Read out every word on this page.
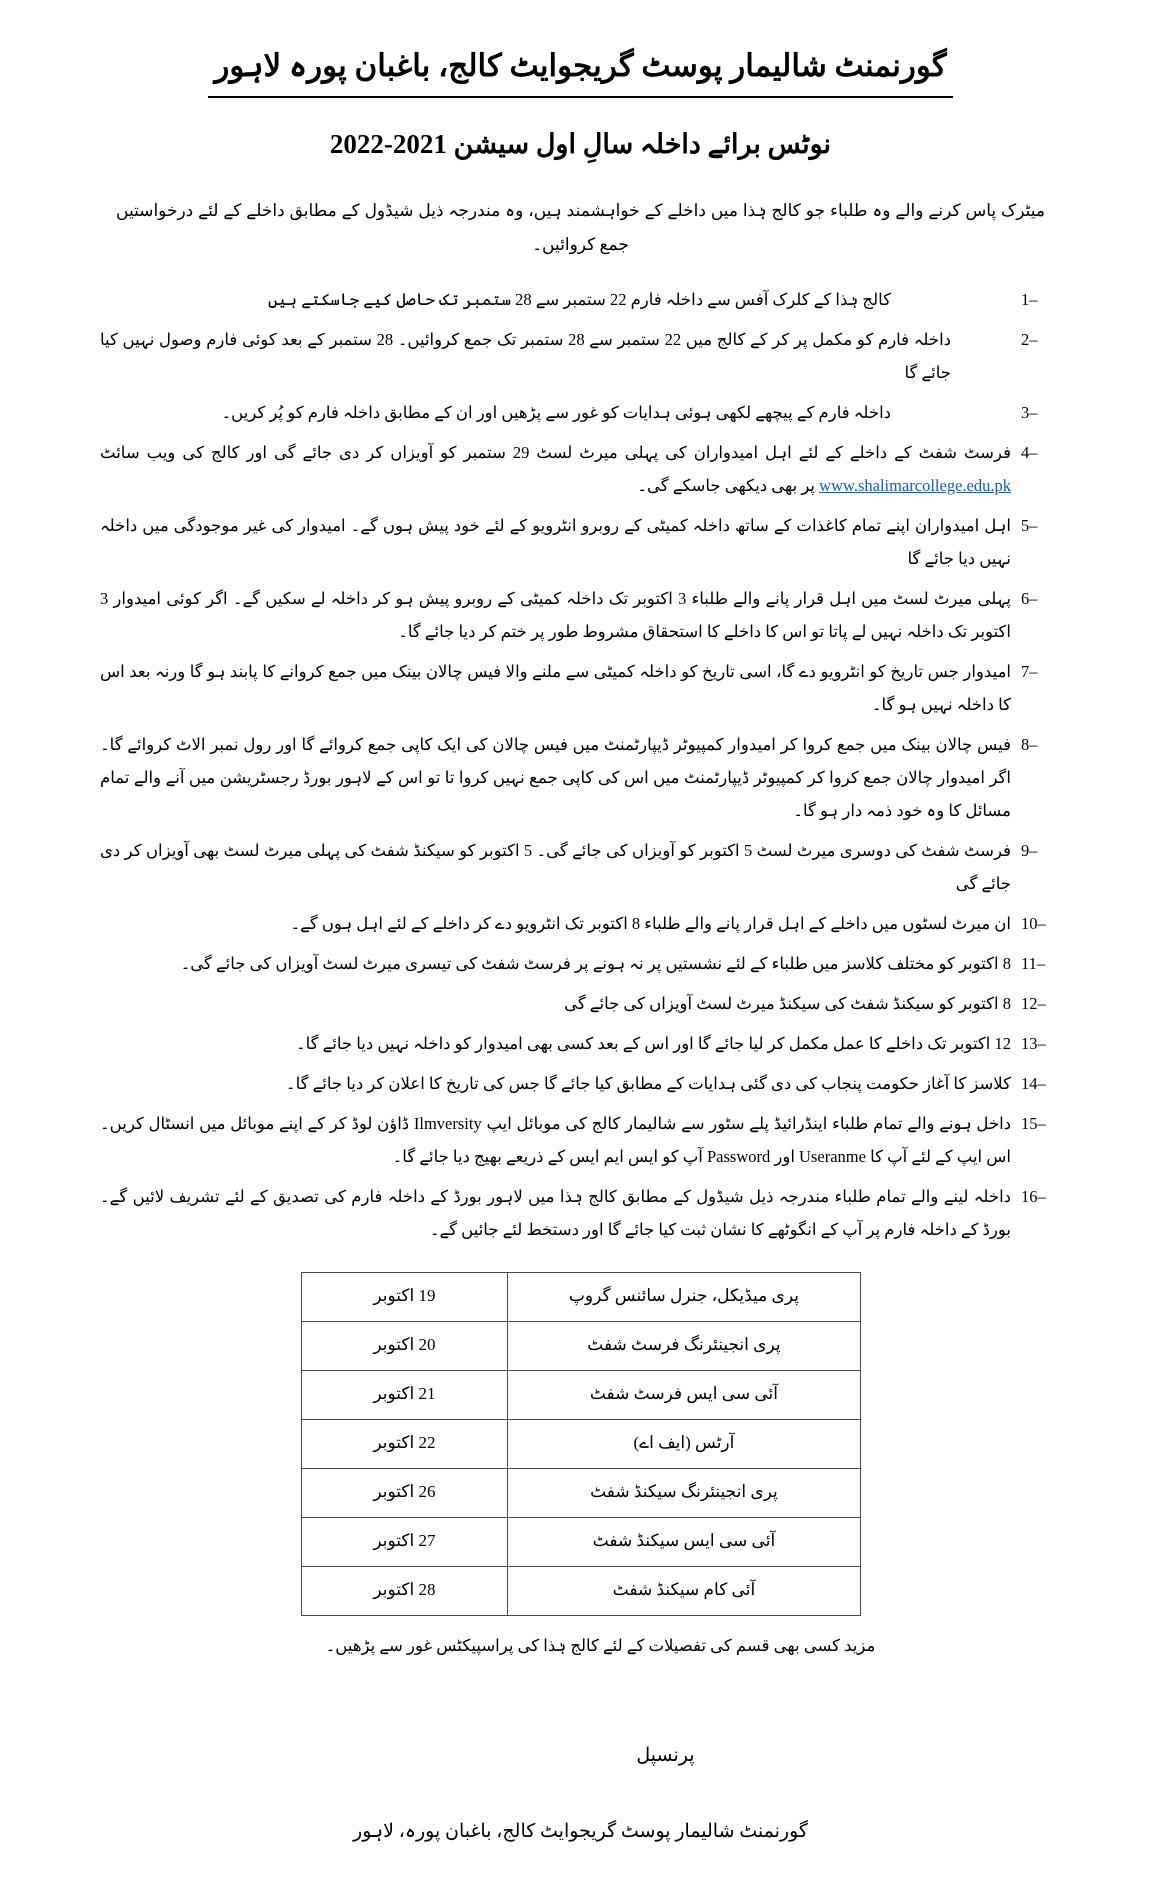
گورنمنٹ شالیمار پوسٹ گریجوایٹ کالج، باغبان پورہ لاہور
نوٹس برائے داخلہ سالِ اول سیشن 2021-2022

میٹرک پاس کرنے والے وہ طلباء جو کالج ہٰذا میں داخلے کے خواہشمند ہیں، وہ مندرجہ ذیل شیڈول کے مطابق داخلے کے لئے درخواستیں جمع کروائیں۔

1–
کالج ہٰذا کے کلرک آفس سے داخلہ فارم 22 ستمبر سے 28 ستمبر تک حاصل کیے جاسکتے ہیں
2–
داخلہ فارم کو مکمل پر کر کے کالج میں 22 ستمبر سے 28 ستمبر تک جمع کروائیں۔ 28 ستمبر کے بعد کوئی فارم وصول نہیں کیا جائے گا
3–
داخلہ فارم کے پیچھے لکھی ہوئی ہدایات کو غور سے پڑھیں اور ان کے مطابق داخلہ فارم کو پُر کریں۔
4–
فرسٹ شفٹ کے داخلے کے لئے اہل امیدواران کی پہلی میرٹ لسٹ 29 ستمبر کو آویزاں کر دی جائے گی اور کالج کی ویب سائٹ www.shalimarcollege.edu.pk پر بھی دیکھی جاسکے گی۔
5–
اہل امیدواران اپنے تمام کاغذات کے ساتھ داخلہ کمیٹی کے روبرو انٹرویو کے لئے خود پیش ہوں گے۔ امیدوار کی غیر موجودگی میں داخلہ نہیں دیا جائے گا
6–
پہلی میرٹ لسٹ میں اہل قرار پانے والے طلباء 3 اکتوبر تک داخلہ کمیٹی کے روبرو پیش ہو کر داخلہ لے سکیں گے۔ اگر کوئی امیدوار 3 اکتوبر تک داخلہ نہیں لے پاتا تو اس کا داخلے کا استحقاق مشروط طور پر ختم کر دیا جائے گا۔
7–
امیدوار جس تاریخ کو انٹرویو دے گا، اسی تاریخ کو داخلہ کمیٹی سے ملنے والا فیس چالان بینک میں جمع کروانے کا پابند ہو گا ورنہ بعد اس کا داخلہ نہیں ہو گا۔
8–
فیس چالان بینک میں جمع کروا کر امیدوار کمپیوٹر ڈیپارٹمنٹ میں فیس چالان کی ایک کاپی جمع کروائے گا اور رول نمبر الاٹ کروائے گا۔ اگر امیدوار چالان جمع کروا کر کمپیوٹر ڈیپارٹمنٹ میں اس کی کاپی جمع نہیں کروا تا تو اس کے لاہور بورڈ رجسٹریشن میں آنے والے تمام مسائل کا وہ خود ذمہ دار ہو گا۔
9–
فرسٹ شفٹ کی دوسری میرٹ لسٹ 5 اکتوبر کو آویزاں کی جائے گی۔ 5 اکتوبر کو سیکنڈ شفٹ کی پہلی میرٹ لسٹ بھی آویزاں کر دی جائے گی
10–
ان میرٹ لسٹوں میں داخلے کے اہل قرار پانے والے طلباء 8 اکتوبر تک انٹرویو دے کر داخلے کے لئے اہل ہوں گے۔
11–
8 اکتوبر کو مختلف کلاسز میں طلباء کے لئے نشستیں پر نہ ہونے پر فرسٹ شفٹ کی تیسری میرٹ لسٹ آویزاں کی جائے گی۔
12–
8 اکتوبر کو سیکنڈ شفٹ کی سیکنڈ میرٹ لسٹ آویزاں کی جائے گی
13–
12 اکتوبر تک داخلے کا عمل مکمل کر لیا جائے گا اور اس کے بعد کسی بھی امیدوار کو داخلہ نہیں دیا جائے گا۔
14–
کلاسز کا آغاز حکومت پنجاب کی دی گئی ہدایات کے مطابق کیا جائے گا جس کی تاریخ کا اعلان کر دیا جائے گا۔
15–
داخل ہونے والے تمام طلباء اینڈرائیڈ پلے سٹور سے شالیمار کالج کی موبائل ایپ Ilmversity ڈاؤن لوڈ کر کے اپنے موبائل میں انسٹال کریں۔ اس ایپ کے لئے آپ کا Useranme اور Password آپ کو ایس ایم ایس کے ذریعے بھیج دیا جائے گا۔
16–
داخلہ لینے والے تمام طلباء مندرجہ ذیل شیڈول کے مطابق کالج ہٰذا میں لاہور بورڈ کے داخلہ فارم کی تصدیق کے لئے تشریف لائیں گے۔ بورڈ کے داخلہ فارم پر آپ کے انگوٹھے کا نشان ثبت کیا جائے گا اور دستخط لئے جائیں گے۔
پری میڈیکل، جنرل سائنس گروپ	19 اکتوبر
پری انجینئرنگ فرسٹ شفٹ	20 اکتوبر
آئی سی ایس فرسٹ شفٹ	21 اکتوبر
آرٹس (ایف اے)	22 اکتوبر
پری انجینئرنگ سیکنڈ شفٹ	26 اکتوبر
آئی سی ایس سیکنڈ شفٹ	27 اکتوبر
آئی کام سیکنڈ شفٹ	28 اکتوبر

مزید کسی بھی قسم کی تفصیلات کے لئے کالج ہٰذا کی پراسپیکٹس غور سے پڑھیں۔

پرنسپل
گورنمنٹ شالیمار پوسٹ گریجوایٹ کالج، باغبان پورہ، لاہور
